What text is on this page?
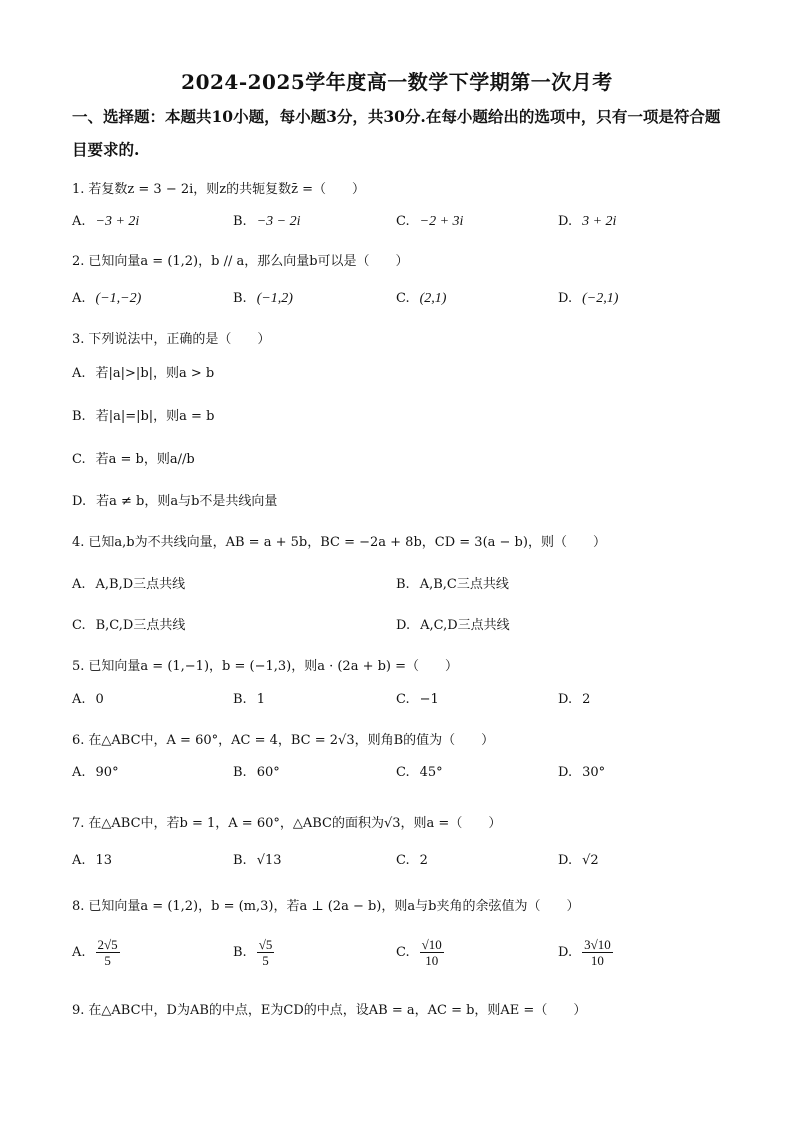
2024-2025学年度高一数学下学期第一次月考
一、选择题：本题共10小题，每小题3分，共30分.在每小题给出的选项中，只有一项是符合题目要求的.
1. 若复数z = 3 − 2i，则z的共轭复数z̄ =（　　）
A. −3 + 2i	B. −3 − 2i	C. −2 + 3i	D. 3 + 2i
2. 已知向量a = (1,2)，b // a，那么向量b可以是（　　）
A. (−1,−2)	B. (−1,2)	C. (2,1)	D. (−2,1)
3. 下列说法中，正确的是（　　）
A. 若|a|>|b|，则a > b
B. 若|a|=|b|，则a = b
C. 若a = b，则a//b
D. 若a ≠ b，则a与b不是共线向量
4. 已知a,b为不共线向量，AB = a + 5b，BC = −2a + 8b，CD = 3(a − b)，则（　　）
A. A,B,D三点共线	B. A,B,C三点共线
C. B,C,D三点共线	D. A,C,D三点共线
5. 已知向量a = (1,−1)，b = (−1,3)，则a · (2a + b) =（　　）
A. 0	B. 1	C. −1	D. 2
6. 在△ABC中，A = 60°，AC = 4，BC = 2√3，则角B的值为（　　）
A. 90°	B. 60°	C. 45°	D. 30°
7. 在△ABC中，若b = 1，A = 60°，△ABC的面积为√3，则a =（　　）
A. 13	B. √13	C. 2	D. √2
8. 已知向量a = (1,2)，b = (m,3)，若a ⊥ (2a − b)，则a与b夹角的余弦值为（　　）
A. $\frac{2√5}{5}$	B. $\frac{√5}{5}$	C. $\frac{√10}{10}$	D. $\frac{3√10}{10}$
9. 在△ABC中，D为AB的中点，E为CD的中点，设AB = a，AC = b，则AE =（　　）
